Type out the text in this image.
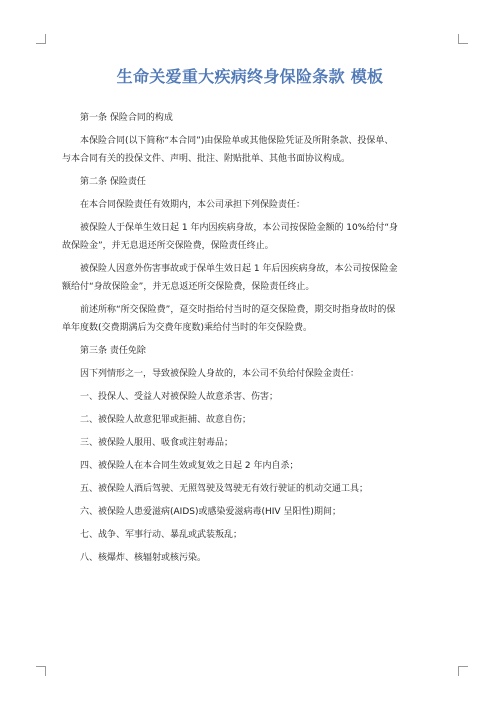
生命关爱重大疾病终身保险条款 模板
第一条 保险合同的构成
本保险合同(以下简称“本合同”)由保险单或其他保险凭证及所附条款、投保单、
与本合同有关的投保文件、声明、批注、附贴批单、其他书面协议构成。
第二条 保险责任
在本合同保险责任有效期内，本公司承担下列保险责任：
被保险人于保单生效日起 1 年内因疾病身故，本公司按保险金额的 10%给付“身
故保险金”，并无息退还所交保险费，保险责任终止。
被保险人因意外伤害事故或于保单生效日起 1 年后因疾病身故，本公司按保险金
额给付“身故保险金”，并无息返还所交保险费，保险责任终止。
前述所称“所交保险费”，趸交时指给付当时的趸交保险费，期交时指身故时的保
单年度数(交费期满后为交费年度数)乘给付当时的年交保险费。
第三条 责任免除
因下列情形之一，导致被保险人身故的，本公司不负给付保险金责任：
一、投保人、受益人对被保险人故意杀害、伤害；
二、被保险人故意犯罪或拒捕、故意自伤；
三、被保险人服用、吸食或注射毒品；
四、被保险人在本合同生效或复效之日起 2 年内自杀；
五、被保险人酒后驾驶、无照驾驶及驾驶无有效行驶证的机动交通工具；
六、被保险人患爱滋病(AIDS)或感染爱滋病毒(HIV 呈阳性)期间；
七、战争、军事行动、暴乱或武装叛乱；
八、核爆炸、核辐射或核污染。
